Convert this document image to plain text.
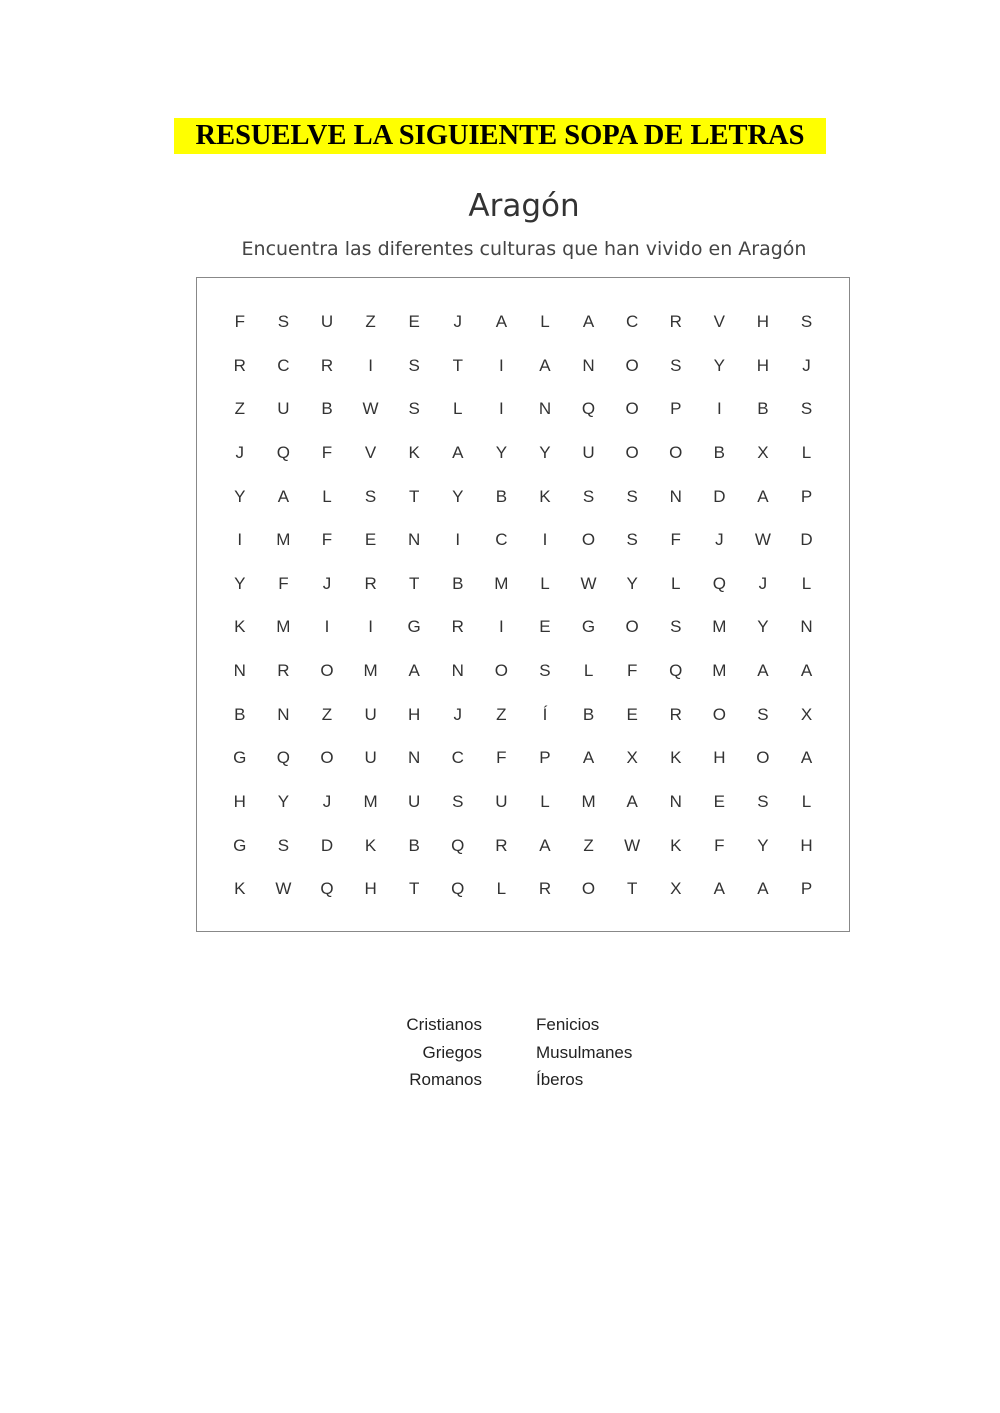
RESUELVE LA SIGUIENTE SOPA DE LETRAS
Aragón
Encuentra las diferentes culturas que han vivido en Aragón
F	S	U	Z	E	J	A	L	A	C	R	V	H	S
R	C	R	I	S	T	I	A	N	O	S	Y	H	J
Z	U	B	W	S	L	I	N	Q	O	P	I	B	S
J	Q	F	V	K	A	Y	Y	U	O	O	B	X	L
Y	A	L	S	T	Y	B	K	S	S	N	D	A	P
I	M	F	E	N	I	C	I	O	S	F	J	W	D
Y	F	J	R	T	B	M	L	W	Y	L	Q	J	L
K	M	I	I	G	R	I	E	G	O	S	M	Y	N
N	R	O	M	A	N	O	S	L	F	Q	M	A	A
B	N	Z	U	H	J	Z	Í	B	E	R	O	S	X
G	Q	O	U	N	C	F	P	A	X	K	H	O	A
H	Y	J	M	U	S	U	L	M	A	N	E	S	L
G	S	D	K	B	Q	R	A	Z	W	K	F	Y	H
K	W	Q	H	T	Q	L	R	O	T	X	A	A	P
Cristianos
Griegos
Romanos
Fenicios
Musulmanes
Íberos
